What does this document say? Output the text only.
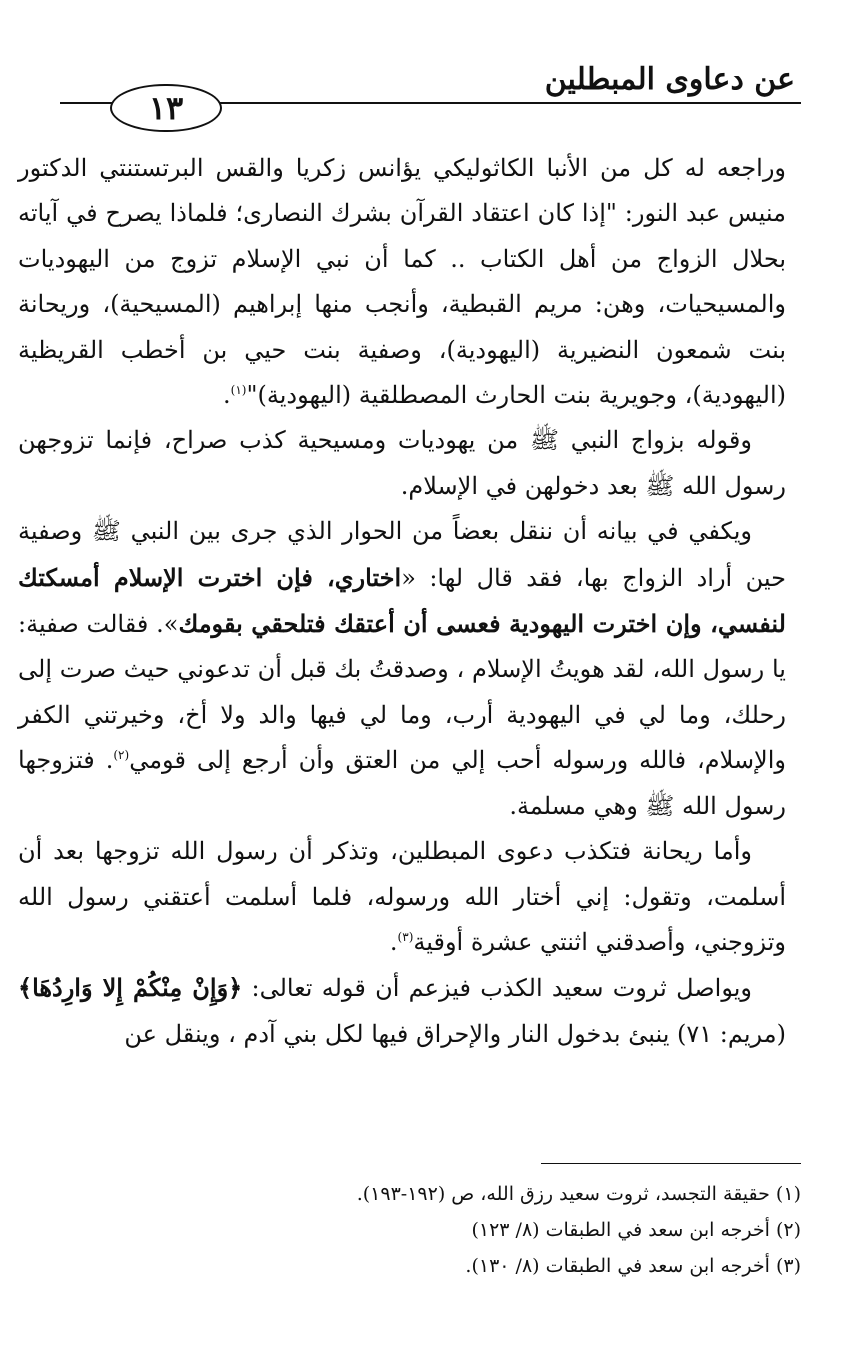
عن دعاوى المبطلين
١٣

وراجعه له كل من الأنبا الكاثوليكي يؤانس زكريا والقس البرتستنتي الدكتور منيس عبد النور: "إذا كان اعتقاد القرآن بشرك النصارى؛ فلماذا يصرح في آياته بحلال الزواج من أهل الكتاب .. كما أن نبي الإسلام تزوج من اليهوديات والمسيحيات، وهن: مريم القبطية، وأنجب منها إبراهيم (المسيحية)، وريحانة بنت شمعون النضيرية (اليهودية)، وصفية بنت حيي بن أخطب القريظية (اليهودية)، وجويرية بنت الحارث المصطلقية (اليهودية)"$^{(١)}$.

وقوله بزواج النبي ﷺ من يهوديات ومسيحية كذب صراح، فإنما تزوجهن رسول الله ﷺ بعد دخولهن في الإسلام.

ويكفي في بيانه أن ننقل بعضاً من الحوار الذي جرى بين النبي ﷺ وصفية حين أراد الزواج بها، فقد قال لها: «اختاري، فإن اخترت الإسلام أمسكتك لنفسي، وإن اخترت اليهودية فعسى أن أعتقك فتلحقي بقومك». فقالت صفية: يا رسول الله، لقد هويتُ الإسلام ، وصدقتُ بك قبل أن تدعوني حيث صرت إلى رحلك، وما لي في اليهودية أرب، وما لي فيها والد ولا أخ، وخيرتني الكفر والإسلام، فالله ورسوله أحب إلي من العتق وأن أرجع إلى قومي$^{(٢)}$. فتزوجها رسول الله ﷺ وهي مسلمة.

وأما ريحانة فتكذب دعوى المبطلين، وتذكر أن رسول الله تزوجها بعد أن أسلمت، وتقول: إني أختار الله ورسوله، فلما أسلمت أعتقني رسول الله وتزوجني، وأصدقني اثنتي عشرة أوقية$^{(٣)}$.

ويواصل ثروت سعيد الكذب فيزعم أن قوله تعالى: ﴿وَإِنْ مِنْكُمْ إِلا وَارِدُهَا﴾ (مريم: ٧١) ينبئ بدخول النار والإحراق فيها لكل بني آدم ، وينقل عن

(١) حقيقة التجسد، ثروت سعيد رزق الله، ص (١٩٢-١٩٣).
(٢) أخرجه ابن سعد في الطبقات (٨/ ١٢٣)
(٣) أخرجه ابن سعد في الطبقات (٨/ ١٣٠).
